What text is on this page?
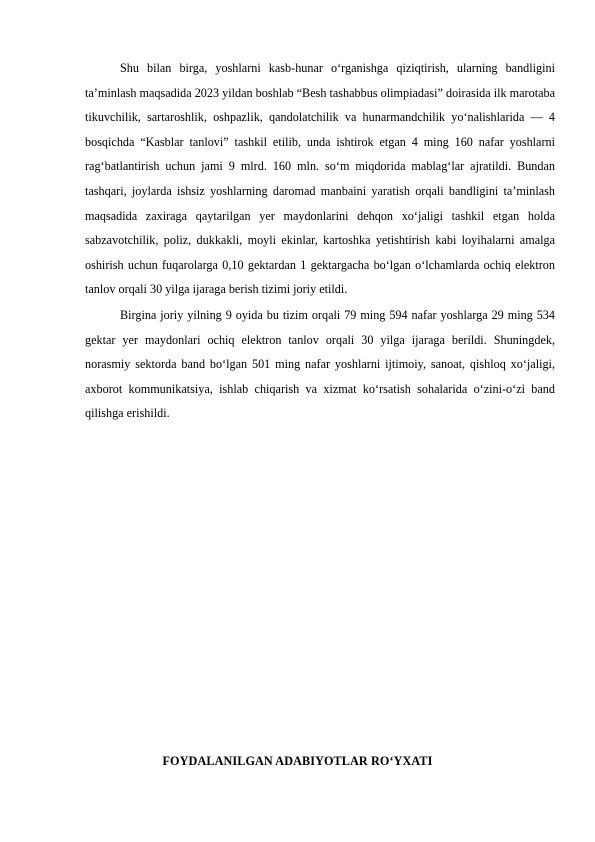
Shu bilan birga, yoshlarni kasb-hunar o‘rganishga qiziqtirish, ularning bandligini ta’minlash maqsadida 2023 yildan boshlab “Besh tashabbus olimpiadasi” doirasida ilk marotaba tikuvchilik, sartaroshlik, oshpazlik, qandolatchilik va hunarmandchilik yo‘nalishlarida — 4 bosqichda “Kasblar tanlovi” tashkil etilib, unda ishtirok etgan 4 ming 160 nafar yoshlarni rag‘batlantirish uchun jami 9 mlrd. 160 mln. so‘m miqdorida mablag‘lar ajratildi. Bundan tashqari, joylarda ishsiz yoshlarning daromad manbaini yaratish orqali bandligini ta’minlash maqsadida zaxiraga qaytarilgan yer maydonlarini dehqon xo‘jaligi tashkil etgan holda sabzavotchilik, poliz, dukkakli, moyli ekinlar, kartoshka yetishtirish kabi loyihalarni amalga oshirish uchun fuqarolarga 0,10 gektardan 1 gektargacha bo‘lgan o‘lchamlarda ochiq elektron tanlov orqali 30 yilga ijaraga berish tizimi joriy etildi.

Birgina joriy yilning 9 oyida bu tizim orqali 79 ming 594 nafar yoshlarga 29 ming 534 gektar yer maydonlari ochiq elektron tanlov orqali 30 yilga ijaraga berildi. Shuningdek, norasmiy sektorda band bo‘lgan 501 ming nafar yoshlarni ijtimoiy, sanoat, qishloq xo‘jaligi, axborot kommunikatsiya, ishlab chiqarish va xizmat ko‘rsatish sohalarida o‘zini-o‘zi band qilishga erishildi.

FOYDALANILGAN ADABIYOTLAR RO‘YXATI
